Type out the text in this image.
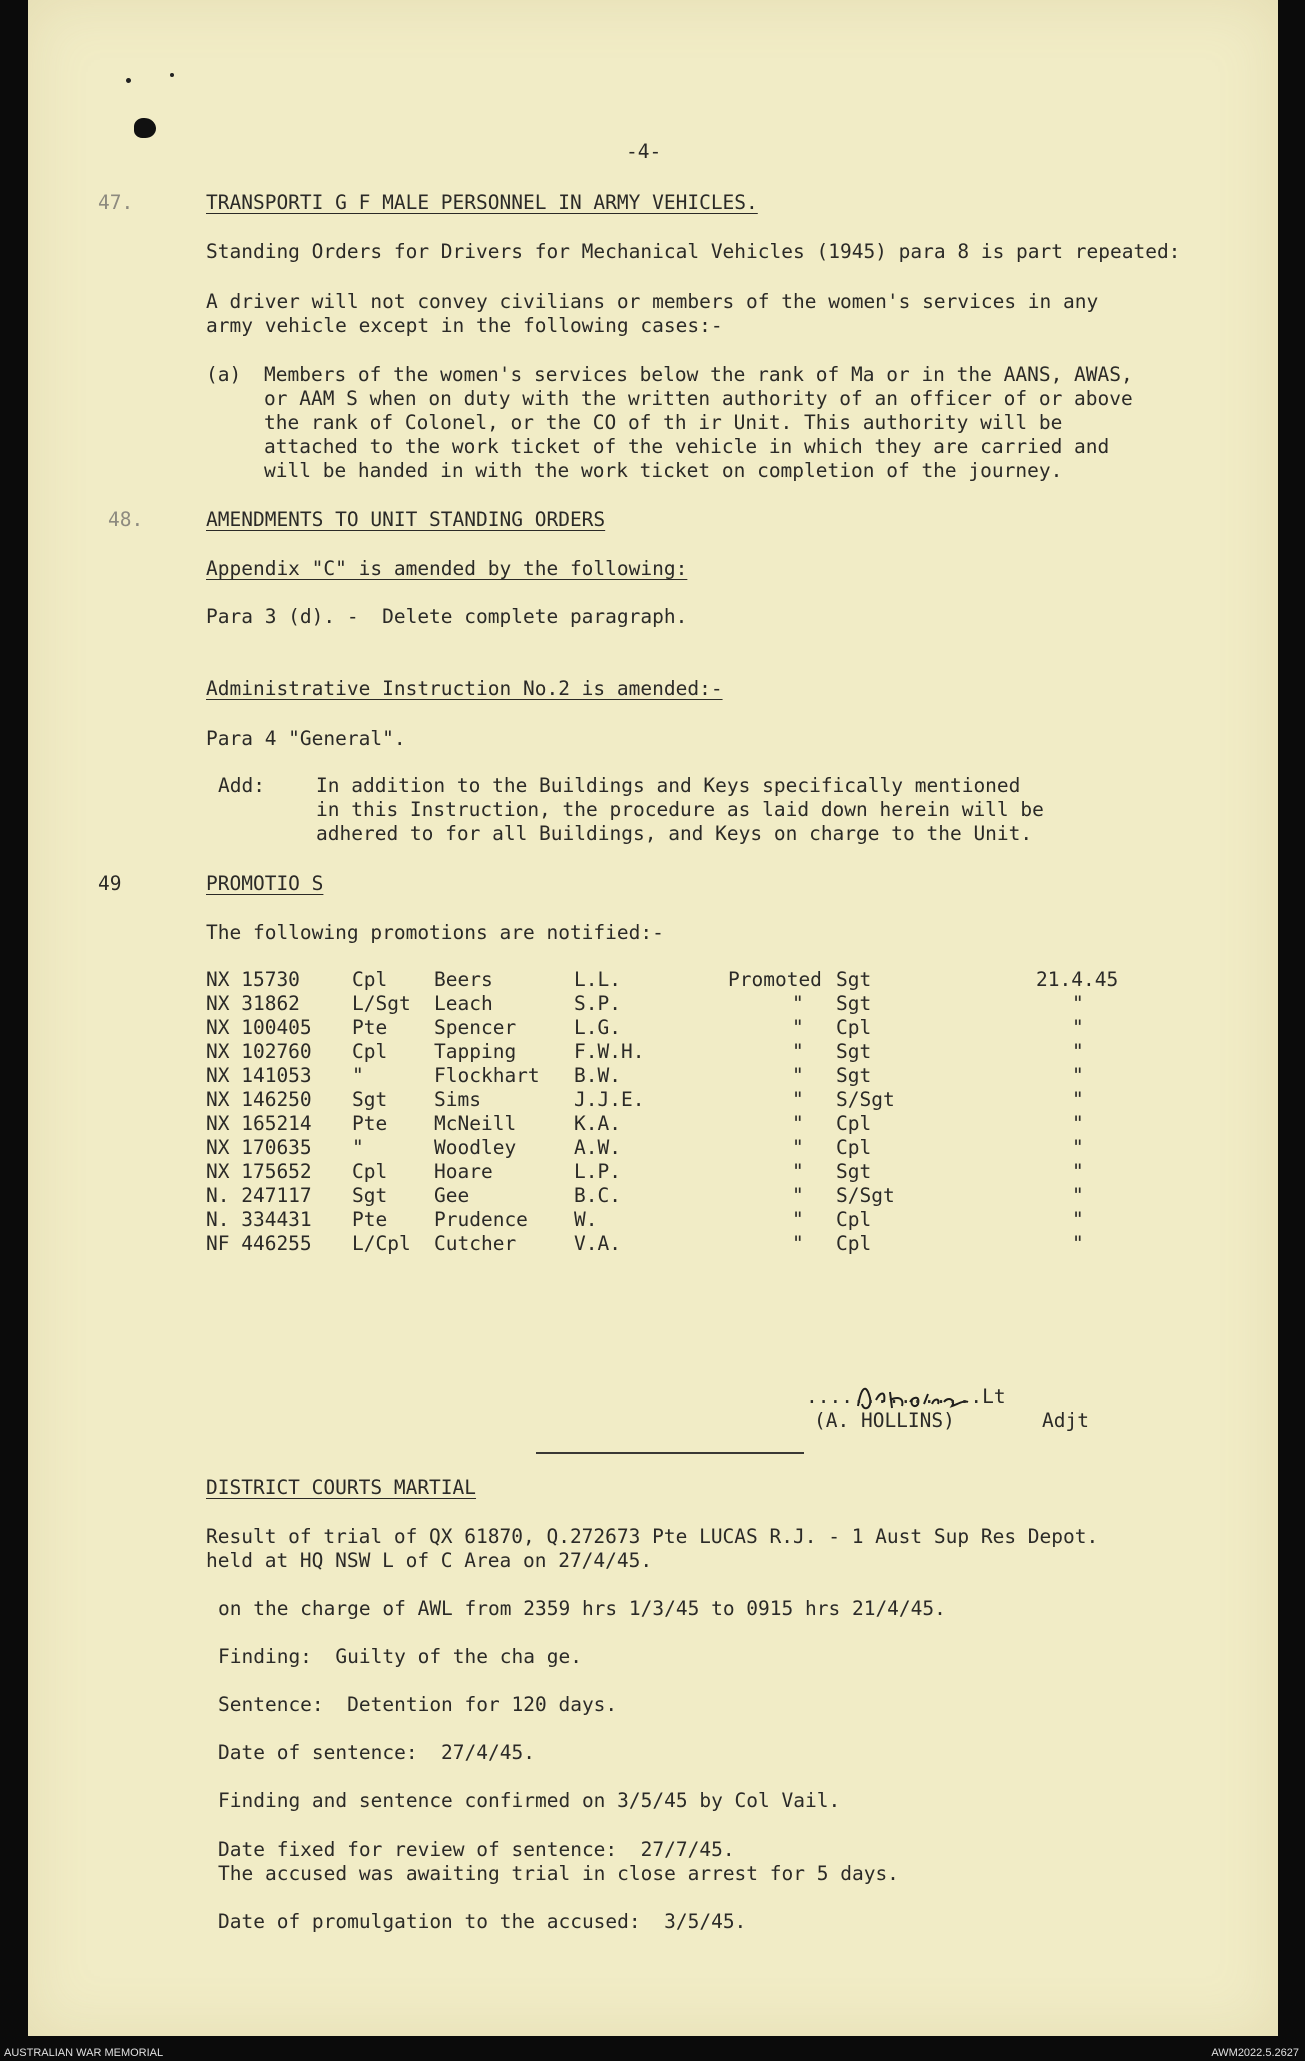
-4-
47.	TRANSPORTI G F MALE PERSONNEL IN ARMY VEHICLES.
Standing Orders for Drivers for Mechanical Vehicles (1945) para 8 is part repeated:
A driver will not convey civilians or members of the women's services in any
army vehicle except in the following cases:-
(a) Members of the women's services below the rank of Ma or in the AANS, AWAS,
or AAM S when on duty with the written authority of an officer of or above
the rank of Colonel, or the CO of th ir Unit. This authority will be
attached to the work ticket of the vehicle in which they are carried and
will be handed in with the work ticket on completion of the journey.
48.	AMENDMENTS TO UNIT STANDING ORDERS
Appendix "C" is amended by the following:
Para 3 (d). -  Delete complete paragraph.
Administrative Instruction No.2 is amended:-
Para 4 "General".
Add:	In addition to the Buildings and Keys specifically mentioned
in this Instruction, the procedure as laid down herein will be
adhered to for all Buildings, and Keys on charge to the Unit.
49	PROMOTIO S
The following promotions are notified:-
NX 15730	Cpl Beers	L.L.	Promoted Sgt	21.4.45
NX 31862	L/Sgt Leach	S.P.	" Sgt	"
NX 100405 Pte Spencer	L.G.	" Cpl	"
NX 102760 Cpl Tapping	F.W.H.	" Sgt	"
NX 141053 "	Flockhart B.W.	" Sgt	"
NX 146250 Sgt Sims	J.J.E.	" S/Sgt	"
NX 165214 Pte McNeill	K.A.	" Cpl	"
NX 170635 "	Woodley	A.W.	" Cpl	"
NX 175652 Cpl Hoare	L.P.	" Sgt	"
N. 247117 Sgt Gee	B.C.	" S/Sgt	"
N. 334431 Pte Prudence W.	" Cpl	"
NF 446255 L/Cpl Cutcher	V.A.	" Cpl	"
...............Lt
(A. HOLLINS)	Adjt
DISTRICT COURTS MARTIAL
Result of trial of QX 61870, Q.272673 Pte LUCAS R.J. - 1 Aust Sup Res Depot.
held at HQ NSW L of C Area on 27/4/45.
on the charge of AWL from 2359 hrs 1/3/45 to 0915 hrs 21/4/45.
Finding:  Guilty of the cha ge.
Sentence:  Detention for 120 days.
Date of sentence:  27/4/45.
Finding and sentence confirmed on 3/5/45 by Col Vail.
Date fixed for review of sentence:  27/7/45.
The accused was awaiting trial in close arrest for 5 days.
Date of promulgation to the accused:  3/5/45.
AUSTRALIAN WAR MEMORIAL	AWM2022.5.2627
